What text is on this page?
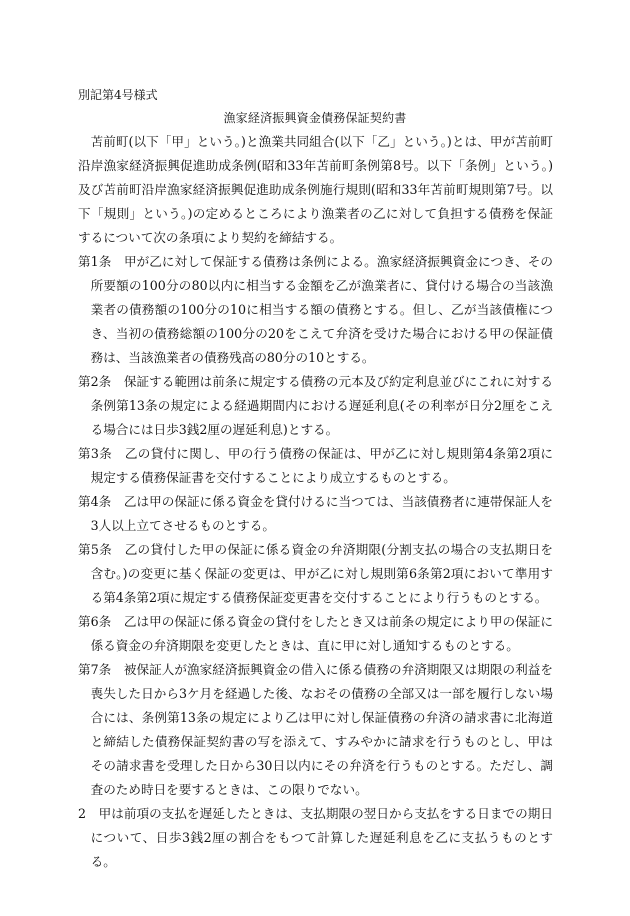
別記第4号様式
漁家経済振興資金債務保証契約書

苫前町(以下「甲」という。)と漁業共同組合(以下「乙」という。)とは、甲が苫前町沿岸漁家経済振興促進助成条例(昭和33年苫前町条例第8号。以下「条例」という。)及び苫前町沿岸漁家経済振興促進助成条例施行規則(昭和33年苫前町規則第7号。以下「規則」という。)の定めるところにより漁業者の乙に対して負担する債務を保証するについて次の条項により契約を締結する。

第1条　甲が乙に対して保証する債務は条例による。漁家経済振興資金につき、その所要額の100分の80以内に相当する金額を乙が漁業者に、貸付ける場合の当該漁業者の債務額の100分の10に相当する額の債務とする。但し、乙が当該債権につき、当初の債務総額の100分の20をこえて弁済を受けた場合における甲の保証債務は、当該漁業者の債務残高の80分の10とする。

第2条　保証する範囲は前条に規定する債務の元本及び約定利息並びにこれに対する条例第13条の規定による経過期間内における遅延利息(その利率が日分2厘をこえる場合には日歩3銭2厘の遅延利息)とする。

第3条　乙の貸付に関し、甲の行う債務の保証は、甲が乙に対し規則第4条第2項に規定する債務保証書を交付することにより成立するものとする。

第4条　乙は甲の保証に係る資金を貸付けるに当つては、当該債務者に連帯保証人を3人以上立てさせるものとする。

第5条　乙の貸付した甲の保証に係る資金の弁済期限(分割支払の場合の支払期日を含む。)の変更に基く保証の変更は、甲が乙に対し規則第6条第2項において準用する第4条第2項に規定する債務保証変更書を交付することにより行うものとする。

第6条　乙は甲の保証に係る資金の貸付をしたとき又は前条の規定により甲の保証に係る資金の弁済期限を変更したときは、直に甲に対し通知するものとする。

第7条　被保証人が漁家経済振興資金の借入に係る債務の弁済期限又は期限の利益を喪失した日から3ケ月を経過した後、なおその債務の全部又は一部を履行しない場合には、条例第13条の規定により乙は甲に対し保証債務の弁済の請求書に北海道と締結した債務保証契約書の写を添えて、すみやかに請求を行うものとし、甲はその請求書を受理した日から30日以内にその弁済を行うものとする。ただし、調査のため時日を要するときは、この限りでない。

2　甲は前項の支払を遅延したときは、支払期限の翌日から支払をする日までの期日について、日歩3銭2厘の割合をもつて計算した遅延利息を乙に支払うものとする。
